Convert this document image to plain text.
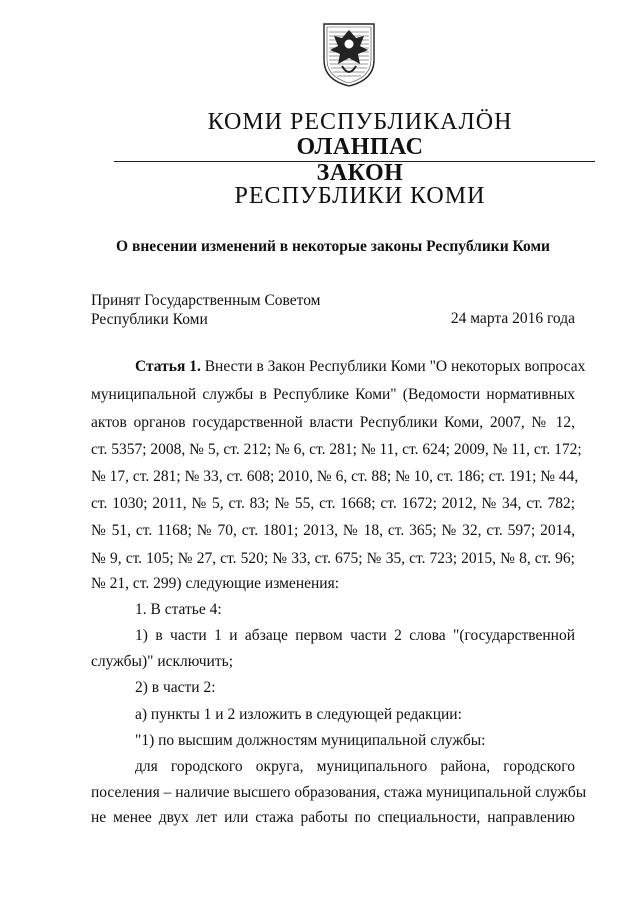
КОМИ РЕСПУБЛИКАЛӦН
ОЛАНПАС
ЗАКОН
РЕСПУБЛИКИ КОМИ
О внесении изменений в некоторые законы Республики Коми
Принят Государственным Советом
Республики Коми	24 марта 2016 года
Статья 1. Внести в Закон Республики Коми "О некоторых вопросах
муниципальной службы в Республике Коми" (Ведомости нормативных
актов органов государственной власти Республики Коми, 2007, № 12,
ст. 5357; 2008, № 5, ст. 212; № 6, ст. 281; № 11, ст. 624; 2009, № 11, ст. 172;
№ 17, ст. 281; № 33, ст. 608; 2010, № 6, ст. 88; № 10, ст. 186; ст. 191; № 44,
ст. 1030; 2011, № 5, ст. 83; № 55, ст. 1668; ст. 1672; 2012, № 34, ст. 782;
№ 51, ст. 1168; № 70, ст. 1801; 2013, № 18, ст. 365; № 32, ст. 597; 2014,
№ 9, ст. 105; № 27, ст. 520; № 33, ст. 675; № 35, ст. 723; 2015, № 8, ст. 96;
№ 21, ст. 299) следующие изменения:
1. В статье 4:
1) в части 1 и абзаце первом части 2 слова "(государственной
службы)" исключить;
2) в части 2:
а) пункты 1 и 2 изложить в следующей редакции:
"1) по высшим должностям муниципальной службы:
для городского округа, муниципального района, городского
поселения – наличие высшего образования, стажа муниципальной службы
не менее двух лет или стажа работы по специальности, направлению
